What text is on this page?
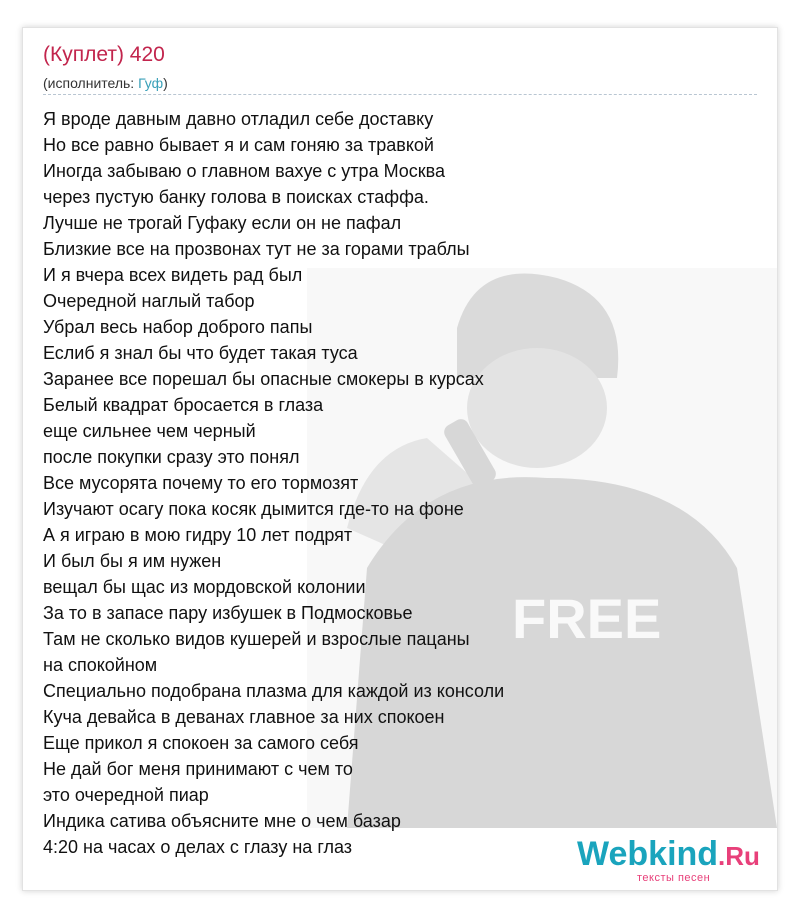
FREE
(Куплет) 420
(исполнитель: Гуф)
Я вроде давным давно отладил себе доставку
Но все равно бывает я и сам гоняю за травкой
Иногда забываю о главном вахуе с утра Москва
через пустую банку голова в поисках стаффа.
Лучше не трогай Гуфаку если он не пафал
Близкие все на прозвонах тут не за горами траблы
И я вчера всех видеть рад был
Очередной наглый табор
Убрал весь набор доброго папы
Еслиб я знал бы что будет такая туса
Заранее все порешал бы опасные смокеры в курсах
Белый квадрат бросается в глаза
еще сильнее чем черный
после покупки сразу это понял
Все мусорята почему то его тормозят
Изучают осагу пока косяк дымится где-то на фоне
А я играю в мою гидру 10 лет подрят
И был бы я им нужен
вещал бы щас из мордовской колонии
За то в запасе пару избушек в Подмосковье
Там не сколько видов кушерей и взрослые пацаны
на спокойном
Специально подобрана плазма для каждой из консоли
Куча девайса в деванах главное за них спокоен
Еще прикол я спокоен за самого себя
Не дай бог меня принимают с чем то
это очередной пиар
Индика сатива объясните мне о чем базар
4:20 на часах о делах с глазу на глаз	Webkind.Ru
тексты песен
